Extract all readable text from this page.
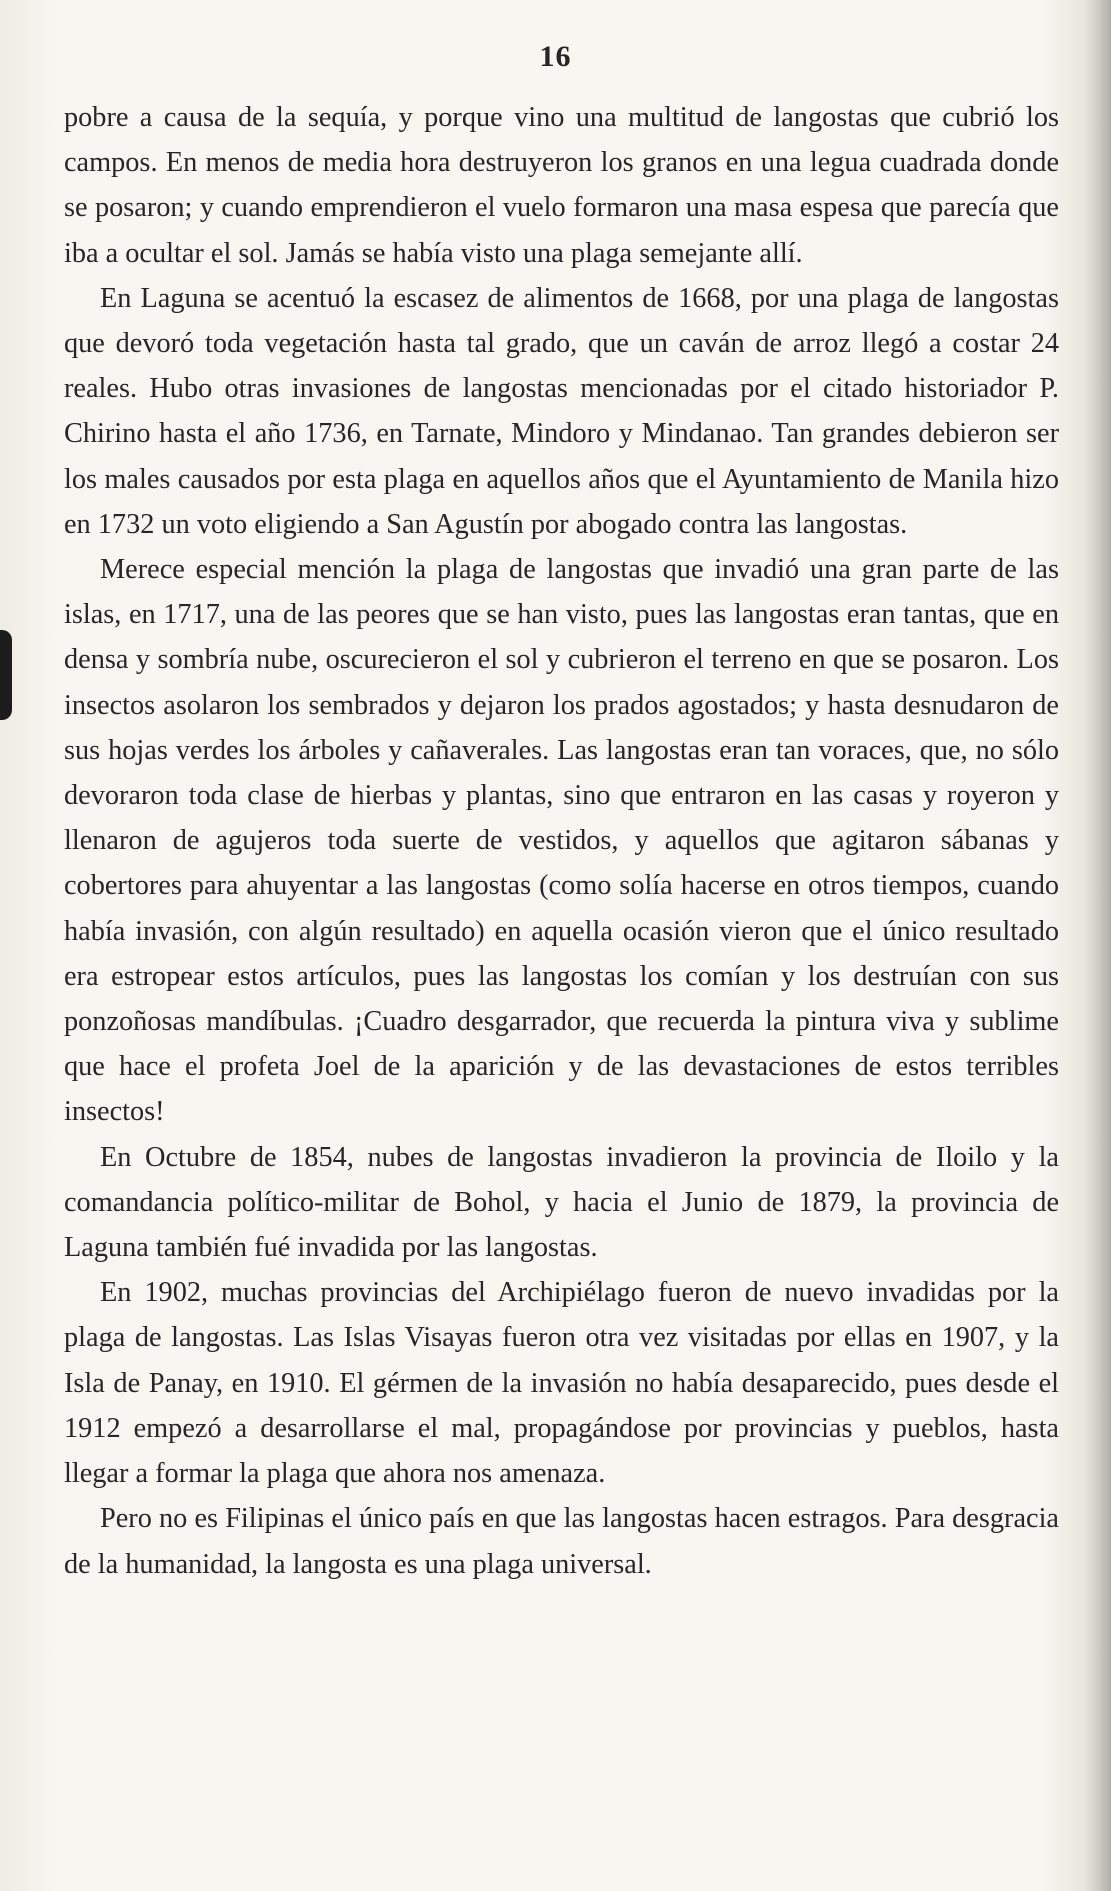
16

pobre a causa de la sequía, y porque vino una multitud de langostas que cubrió los campos. En menos de media hora destruyeron los granos en una legua cuadrada donde se posaron; y cuando emprendieron el vuelo formaron una masa espesa que parecía que iba a ocultar el sol. Jamás se había visto una plaga semejante allí.

En Laguna se acentuó la escasez de alimentos de 1668, por una plaga de langostas que devoró toda vegetación hasta tal grado, que un caván de arroz llegó a costar 24 reales. Hubo otras invasiones de langostas mencionadas por el citado historiador P. Chirino hasta el año 1736, en Tarnate, Mindoro y Mindanao. Tan grandes debieron ser los males causados por esta plaga en aquellos años que el Ayuntamiento de Manila hizo en 1732 un voto eligiendo a San Agustín por abogado contra las langostas.

Merece especial mención la plaga de langostas que invadió una gran parte de las islas, en 1717, una de las peores que se han visto, pues las langostas eran tantas, que en densa y sombría nube, oscurecieron el sol y cubrieron el terreno en que se posaron. Los insectos asolaron los sembrados y dejaron los prados agostados; y hasta desnudaron de sus hojas verdes los árboles y cañaverales. Las langostas eran tan voraces, que, no sólo devoraron toda clase de hierbas y plantas, sino que entraron en las casas y royeron y llenaron de agujeros toda suerte de vestidos, y aquellos que agitaron sábanas y cobertores para ahuyentar a las langostas (como solía hacerse en otros tiempos, cuando había invasión, con algún resultado) en aquella ocasión vieron que el único resultado era estropear estos artículos, pues las langostas los comían y los destruían con sus ponzoñosas mandíbulas. ¡Cuadro desgarrador, que recuerda la pintura viva y sublime que hace el profeta Joel de la aparición y de las devastaciones de estos terribles insectos!

En Octubre de 1854, nubes de langostas invadieron la provincia de Iloilo y la comandancia político-militar de Bohol, y hacia el Junio de 1879, la provincia de Laguna también fué invadida por las langostas.

En 1902, muchas provincias del Archipiélago fueron de nuevo invadidas por la plaga de langostas. Las Islas Visayas fueron otra vez visitadas por ellas en 1907, y la Isla de Panay, en 1910. El gérmen de la invasión no había desaparecido, pues desde el 1912 empezó a desarrollarse el mal, propagándose por provincias y pueblos, hasta llegar a formar la plaga que ahora nos amenaza.

Pero no es Filipinas el único país en que las langostas hacen estragos. Para desgracia de la humanidad, la langosta es una plaga universal.
